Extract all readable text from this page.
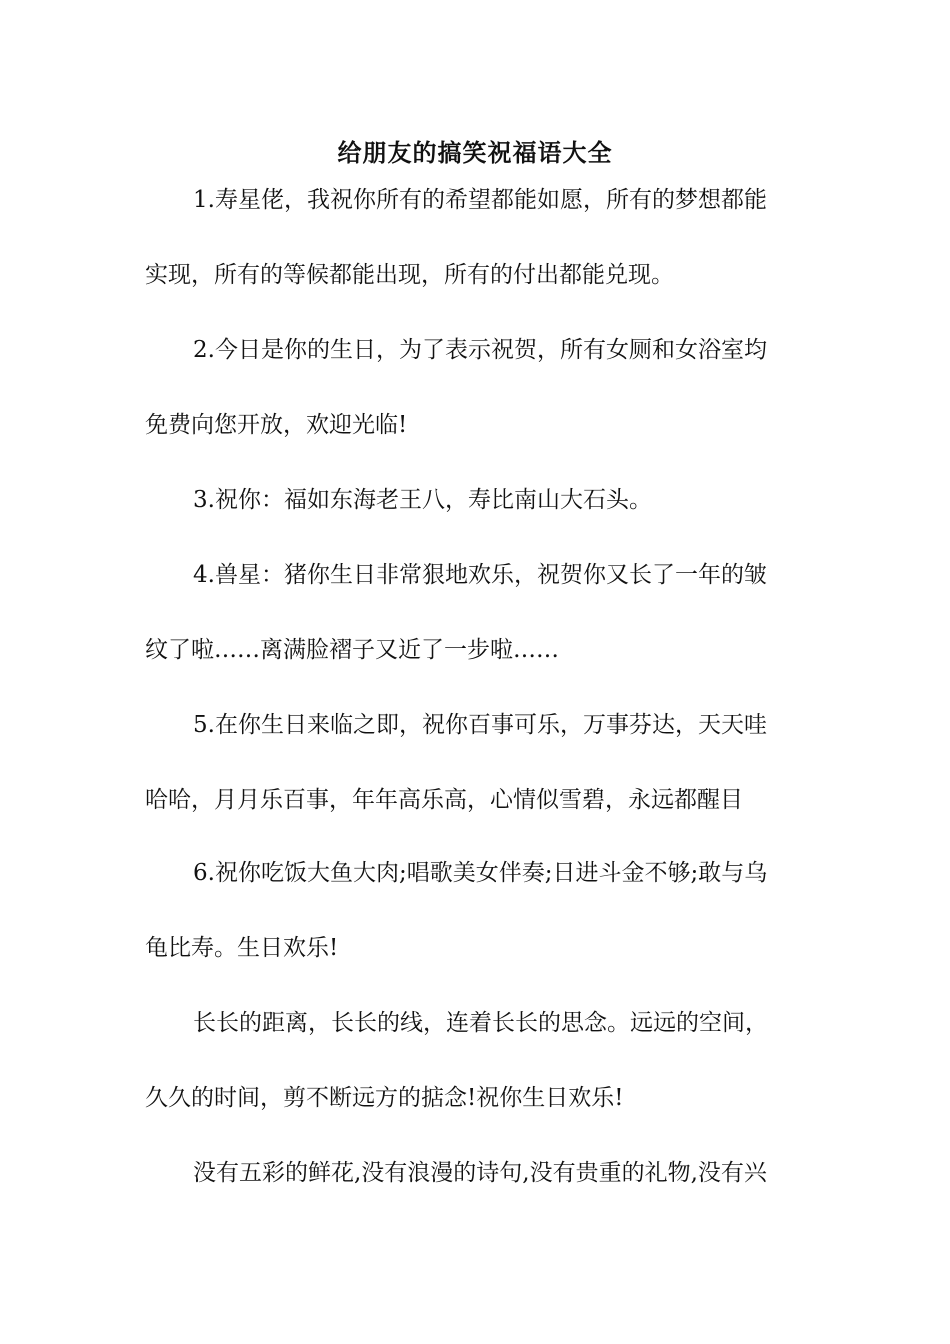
给朋友的搞笑祝福语大全
1.寿星佬，我祝你所有的希望都能如愿，所有的梦想都能
实现，所有的等候都能出现，所有的付出都能兑现。
2.今日是你的生日，为了表示祝贺，所有女厕和女浴室均
免费向您开放，欢迎光临!
3.祝你：福如东海老王八，寿比南山大石头。
4.兽星：猪你生日非常狠地欢乐，祝贺你又长了一年的皱
纹了啦……离满脸褶子又近了一步啦……
5.在你生日来临之即，祝你百事可乐，万事芬达，天天哇
哈哈，月月乐百事，年年高乐高，心情似雪碧，永远都醒目
6.祝你吃饭大鱼大肉;唱歌美女伴奏;日进斗金不够;敢与乌
龟比寿。生日欢乐!
长长的距离，长长的线，连着长长的思念。远远的空间，
久久的时间，剪不断远方的掂念!祝你生日欢乐!
没有五彩的鲜花,没有浪漫的诗句,没有贵重的礼物,没有兴
